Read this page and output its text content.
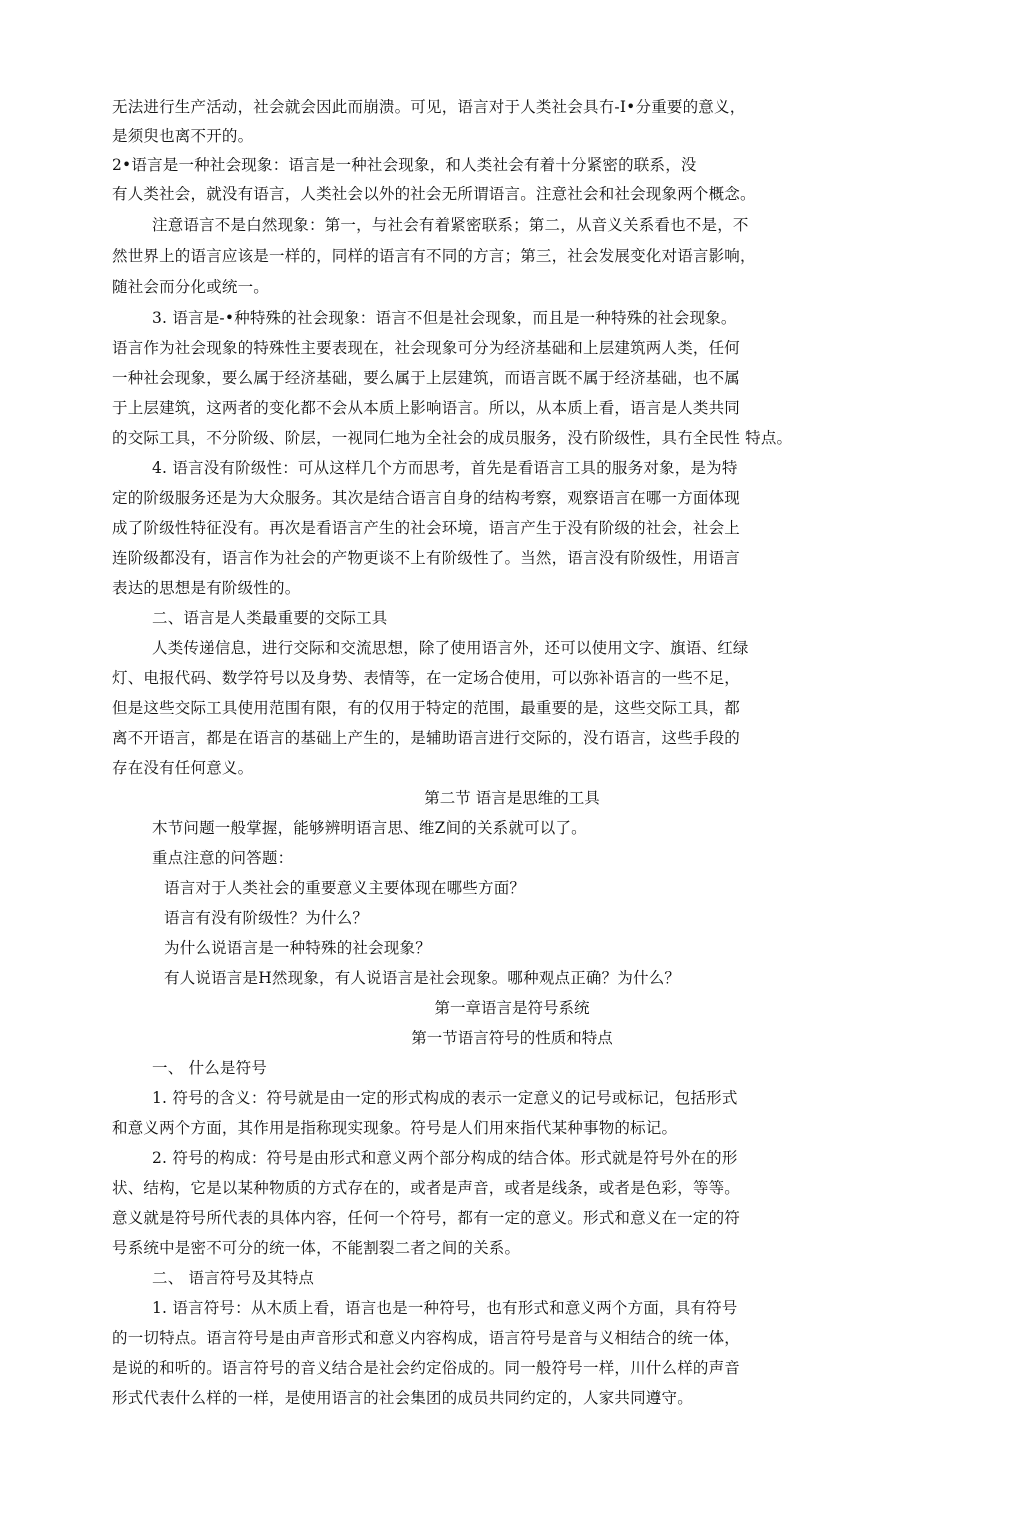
无法进行生产活动，社会就会因此而崩溃。可见，语言对于人类社会具冇-Ⅰ•分重要的意义，
是须臾也离不开的。
2•语言是一种社会现象：语言是一种社会现象，和人类社会有着十分紧密的联系，没
有人类社会，就没有语言，人类社会以外的社会无所谓语言。注意社会和社会现象两个概念。
注意语言不是白然现象：第一，与社会有着紧密联系；第二，从音义关系看也不是，不
然世界上的语言应该是一样的，同样的语言有不同的方言；第三，社会发展变化对语言影响，
随社会而分化或统一。
3. 语言是-•种特殊的社会现象：语言不但是社会现象，而且是一种特殊的社会现象。
语言作为社会现象的特殊性主要表现在，社会现象可分为经济基础和上层建筑两人类，任何
一种社会现象，要么属于经济基础，要么属于上层建筑，而语言既不属于经济基础，也不属
于上层建筑，这两者的变化都不会从本质上影响语言。所以，从本质上看，语言是人类共同
的交际工具，不分阶级、阶层，一视同仁地为全社会的成员服务，没冇阶级性，具冇全民性 特点。
4. 语言没有阶级性：可从这样几个方而思考，首先是看语言工具的服务对象，是为特
定的阶级服务还是为大众服务。其次是结合语言自身的结构考察，观察语言在哪一方面体现
成了阶级性特征没有。再次是看语言产生的社会环境，语言产生于没有阶级的社会，社会上
连阶级都没有，语言作为社会的产物更谈不上有阶级性了。当然，语言没有阶级性，用语言
表达的思想是有阶级性的。
二、语言是人类最重要的交际工具
人类传递信息，进行交际和交流思想，除了使用语言外，还可以使用文字、旗语、红绿
灯、电报代码、数学符号以及身势、表情等，在一定场合使用，可以弥补语言的一些不足，
但是这些交际工具使用范围有限，有的仅用于特定的范围，最重要的是，这些交际工具，都
离不开语言，都是在语言的基础上产生的，是辅助语言进行交际的，没冇语言，这些手段的
存在没有任何意义。
第二节 语言是思维的工具
木节问题一般掌握，能够辨明语言思、维Z间的关系就可以了。
重点注意的问答题：
语言对于人类社会的重要意义主要体现在哪些方面？
语言有没有阶级性？为什么？
为什么说语言是一种特殊的社会现象？
有人说语言是H然现象，有人说语言是社会现象。哪种观点正确？为什么？
第一章语言是符号系统
第一节语言符号的性质和特点
一、 什么是符号
1. 符号的含义：符号就是由一定的形式构成的表示一定意义的记号或标记，包括形式
和意义两个方面，其作用是指称现实现象。符号是人们用來指代某种事物的标记。
2. 符号的构成：符号是由形式和意义两个部分构成的结合体。形式就是符号外在的形
状、结构，它是以某种物质的方式存在的，或者是声音，或者是线条，或者是色彩，等等。
意义就是符号所代表的具体内容，任何一个符号，都有一定的意义。形式和意义在一定的符
号系统中是密不可分的统一体，不能割裂二者之间的关系。
二、 语言符号及其特点
1. 语言符号：从木质上看，语言也是一种符号，也有形式和意义两个方面，具有符号
的一切特点。语言符号是由声音形式和意义内容构成，语言符号是音与义相结合的统一体，
是说的和听的。语言符号的音义结合是社会约定俗成的。同一般符号一样，川什么样的声音
形式代表什么样的一样，是使用语言的社会集团的成员共同约定的，人家共同遵守。
